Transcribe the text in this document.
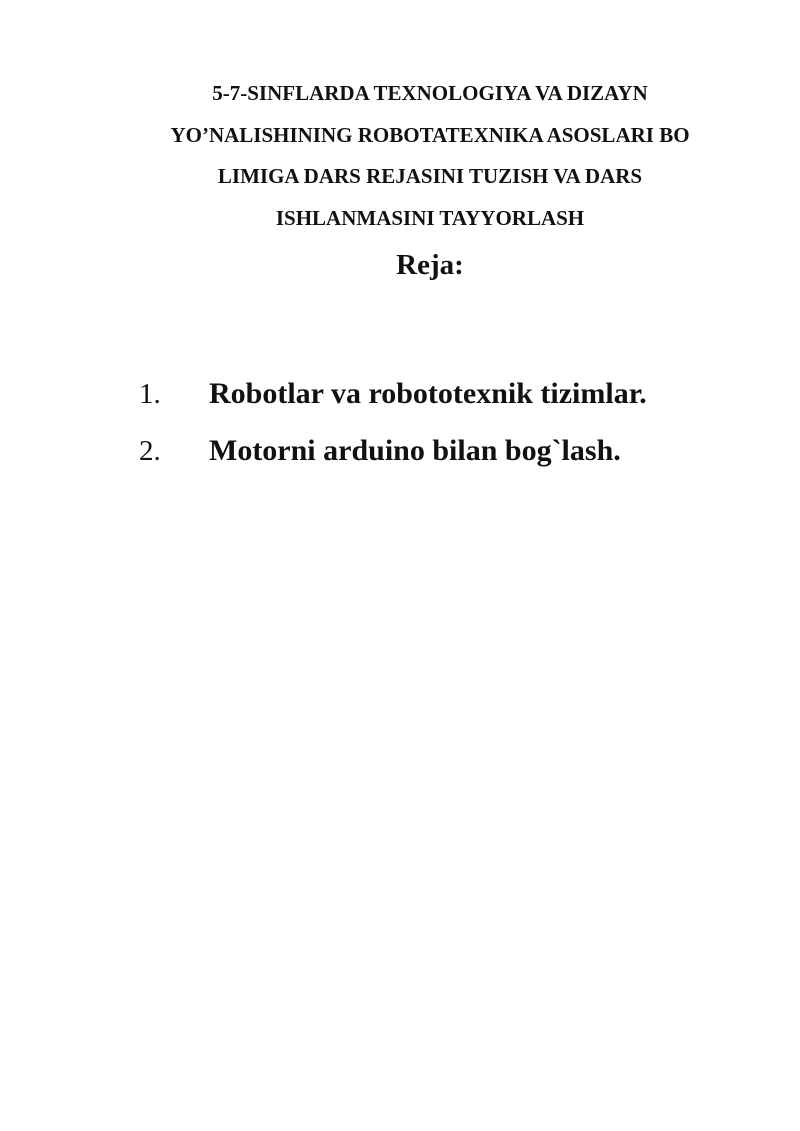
5-7-SINFLARDA TEXNOLOGIYA VA DIZAYN
YO’NALISHINING ROBOTATEXNIKA ASOSLARI BO
LIMIGA DARS REJASINI TUZISH VA DARS
ISHLANMASINI TAYYORLASH
Reja:
1. Robotlar va robototexnik tizimlar.
2. Motorni arduino bilan bog`lash.
